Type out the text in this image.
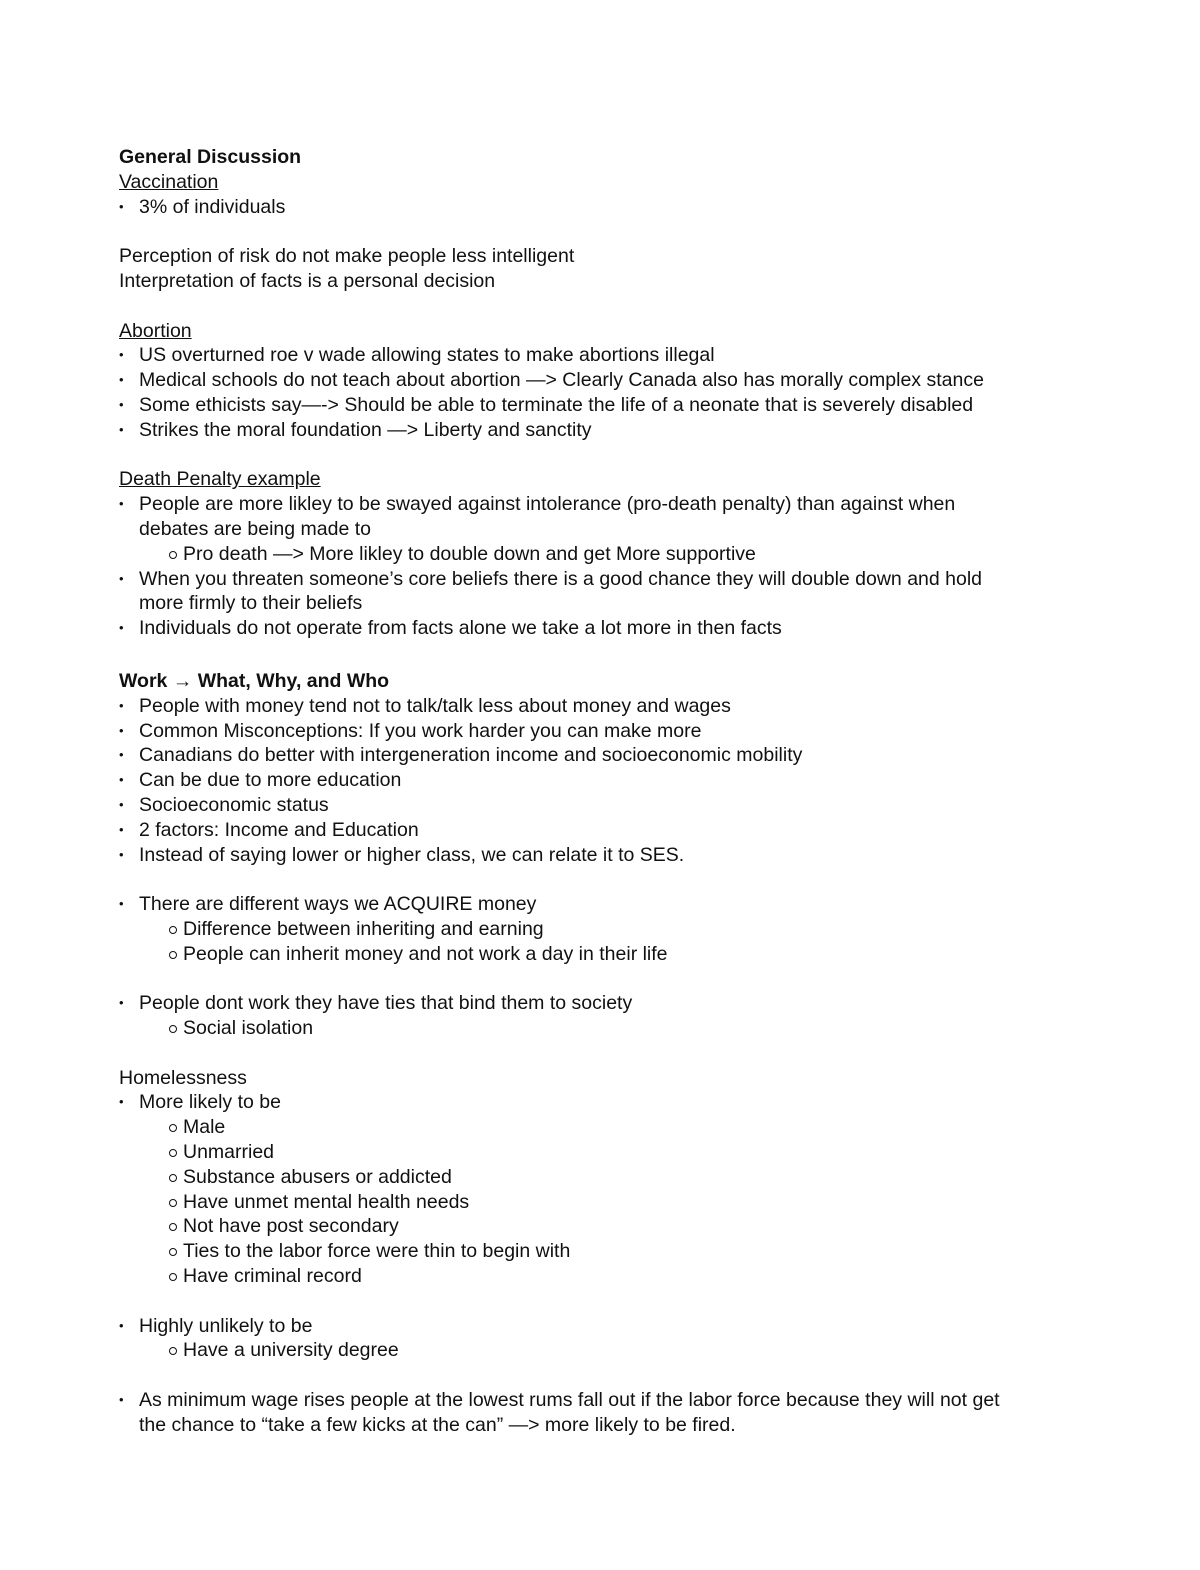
General Discussion
Vaccination
• 3% of individuals
Perception of risk do not make people less intelligent
Interpretation of facts is a personal decision
Abortion
• US overturned roe v wade allowing states to make abortions illegal
• Medical schools do not teach about abortion —> Clearly Canada also has morally complex stance
• Some ethicists say—-> Should be able to terminate the life of a neonate that is severely disabled
• Strikes the moral foundation —> Liberty and sanctity
Death Penalty example
• People are more likley to be swayed against intolerance (pro-death penalty) than against when
debates are being made to
Pro death —> More likley to double down and get More supportive
• When you threaten someone’s core beliefs there is a good chance they will double down and hold
more firmly to their beliefs
• Individuals do not operate from facts alone we take a lot more in then facts
Work → What, Why, and Who
• People with money tend not to talk/talk less about money and wages
• Common Misconceptions: If you work harder you can make more
• Canadians do better with intergeneration income and socioeconomic mobility
• Can be due to more education
• Socioeconomic status
• 2 factors: Income and Education
• Instead of saying lower or higher class, we can relate it to SES.
• There are different ways we ACQUIRE money
Difference between inheriting and earning
People can inherit money and not work a day in their life
• People dont work they have ties that bind them to society
Social isolation
Homelessness
• More likely to be
Male
Unmarried
Substance abusers or addicted
Have unmet mental health needs
Not have post secondary
Ties to the labor force were thin to begin with
Have criminal record
• Highly unlikely to be
Have a university degree
• As minimum wage rises people at the lowest rums fall out if the labor force because they will not get
the chance to “take a few kicks at the can” —> more likely to be fired.
